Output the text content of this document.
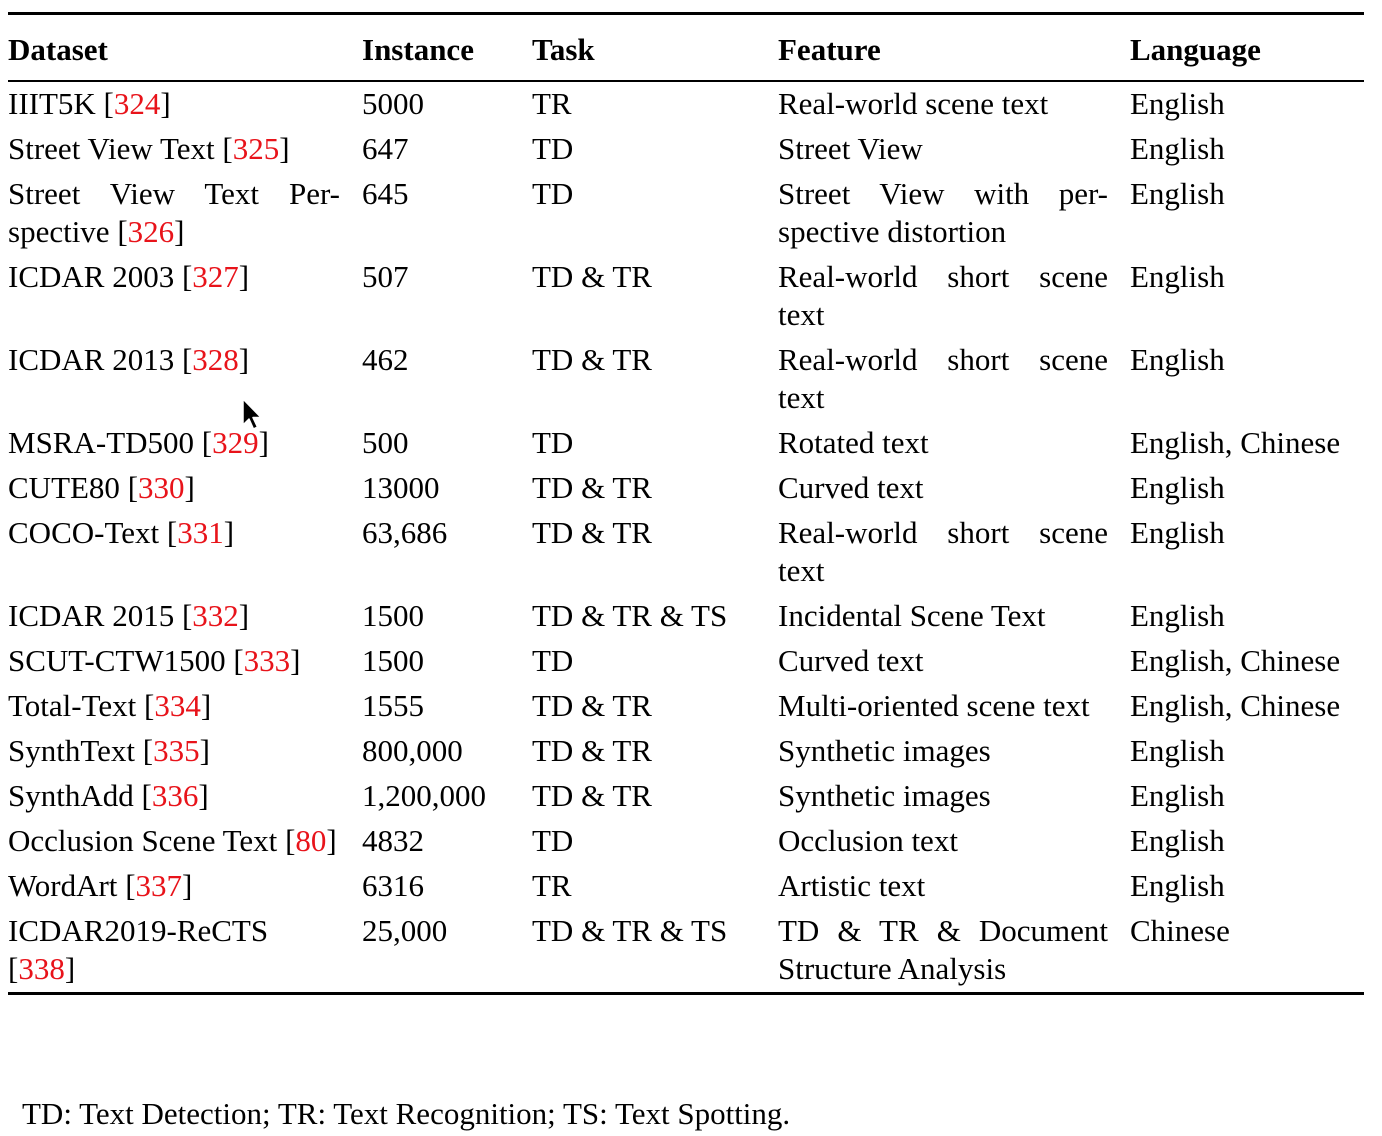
Dataset	Instance	Task	Feature	Language
IIIT5K [324]	5000	TR	Real-world scene text	English
Street View Text [325]	647	TD	Street View	English
Street View Text Per-spective [326]	645	TD	Street View with per-spective distortion	English
ICDAR 2003 [327]	507	TD & TR	Real-world short scene text	English
ICDAR 2013 [328]	462	TD & TR	Real-world short scene text	English
MSRA-TD500 [329]	500	TD	Rotated text	English, Chinese
CUTE80 [330]	13000	TD & TR	Curved text	English
COCO-Text [331]	63,686	TD & TR	Real-world short scene text	English
ICDAR 2015 [332]	1500	TD & TR & TS	Incidental Scene Text	English
SCUT-CTW1500 [333]	1500	TD	Curved text	English, Chinese
Total-Text [334]	1555	TD & TR	Multi-oriented scene text	English, Chinese
SynthText [335]	800,000	TD & TR	Synthetic images	English
SynthAdd [336]	1,200,000	TD & TR	Synthetic images	English
Occlusion Scene Text [80]	4832	TD	Occlusion text	English
WordArt [337]	6316	TR	Artistic text	English
ICDAR2019-ReCTS [338]	25,000	TD & TR & TS	TD & TR & Document Structure Analysis	Chinese
TD: Text Detection; TR: Text Recognition; TS: Text Spotting.
